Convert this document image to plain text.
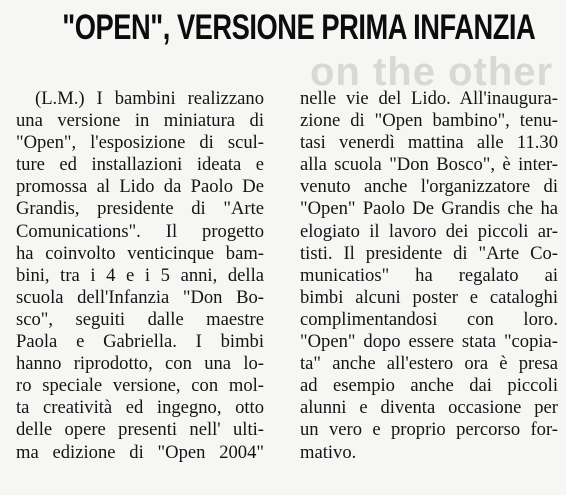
on the other
"OPEN", VERSIONE PRIMA INFANZIA
(L.M.) I bambini realizzano
una versione in miniatura di
"Open", l'esposizione di scul-
ture ed installazioni ideata e
promossa al Lido da Paolo De
Grandis, presidente di "Arte
Comunications". Il progetto
ha coinvolto venticinque bam-
bini, tra i 4 e i 5 anni, della
scuola dell'Infanzia "Don Bo-
sco", seguiti dalle maestre
Paola e Gabriella. I bimbi
hanno riprodotto, con una lo-
ro speciale versione, con mol-
ta creatività ed ingegno, otto
delle opere presenti nell' ulti-
ma edizione di "Open 2004"
nelle vie del Lido. All'inaugura-
zione di "Open bambino", tenu-
tasi venerdì mattina alle 11.30
alla scuola "Don Bosco", è inter-
venuto anche l'organizzatore di
"Open" Paolo De Grandis che ha
elogiato il lavoro dei piccoli ar-
tisti. Il presidente di "Arte Co-
municatios" ha regalato ai
bimbi alcuni poster e cataloghi
complimentandosi con loro.
"Open" dopo essere stata "copia-
ta" anche all'estero ora è presa
ad esempio anche dai piccoli
alunni e diventa occasione per
un vero e proprio percorso for-
mativo.
